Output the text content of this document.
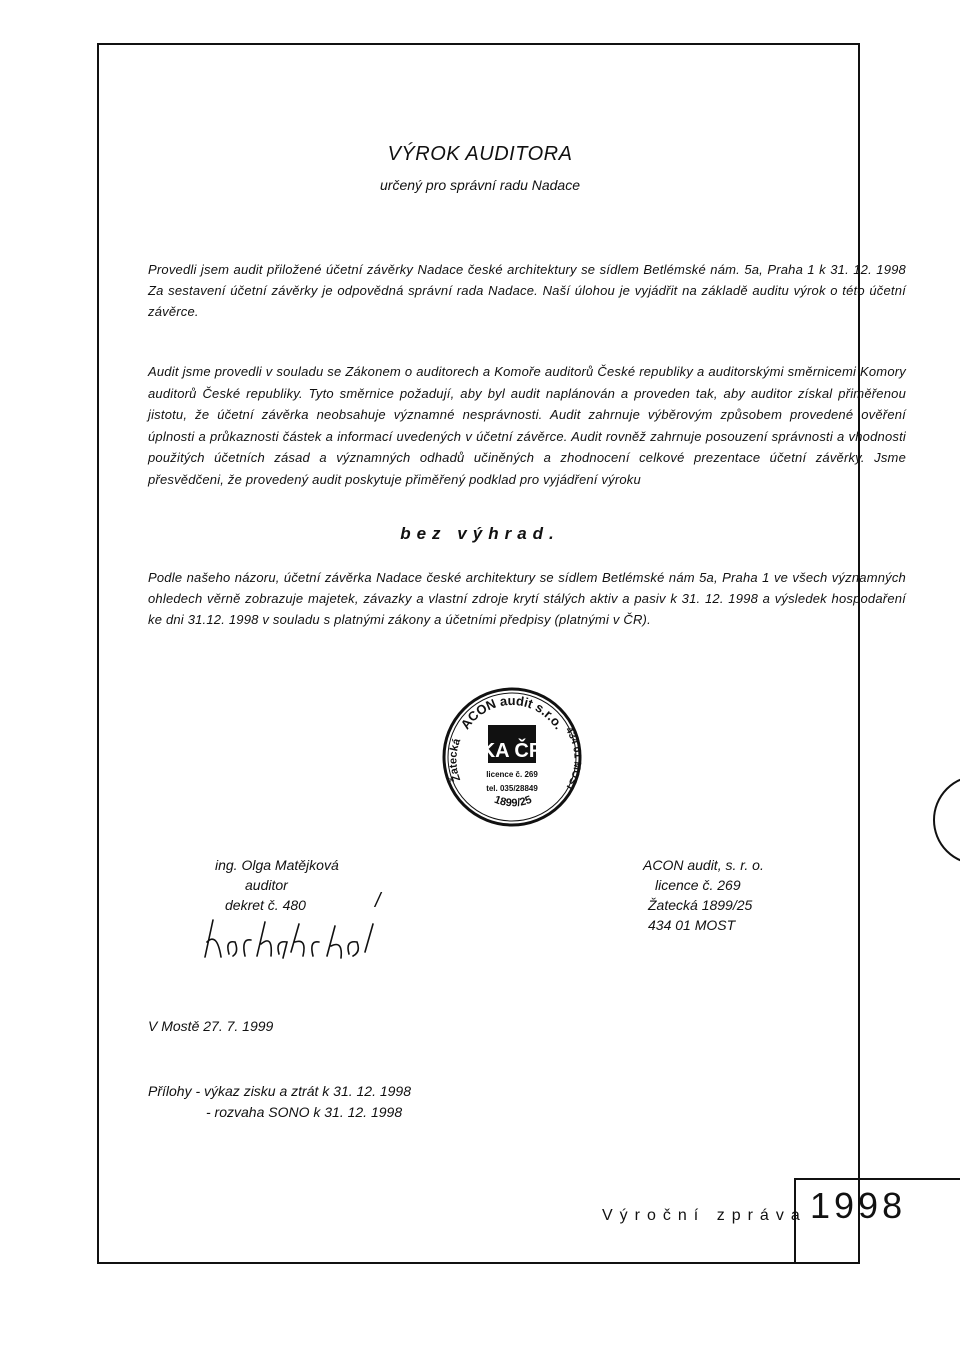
VÝROK AUDITORA
určený pro správní radu Nadace
Provedli jsem audit přiložené účetní závěrky Nadace české architektury se sídlem Betlémské nám. 5a, Praha 1 k 31. 12. 1998 Za sestavení účetní závěrky je odpovědná správní rada Nadace. Naší úlohou je vyjádřit na základě auditu výrok o této účetní závěrce.
Audit jsme provedli v souladu se Zákonem o auditorech a Komoře auditorů České republiky a auditorskými směrnicemi Komory auditorů České republiky. Tyto směrnice požadují, aby byl audit naplánován a proveden tak, aby auditor získal přiměřenou jistotu, že účetní závěrka neobsahuje významné nesprávnosti. Audit zahrnuje výběrovým způsobem provedené ověření úplnosti a průkaznosti částek a informací uvedených v účetní závěrce. Audit rovněž zahrnuje posouzení správnosti a vhodnosti použitých účetních zásad a významných odhadů učiněných a zhodnocení celkové prezentace účetní závěrky. Jsme přesvědčeni, že provedený audit poskytuje přiměřený podklad pro vyjádření výroku
bez výhrad.
Podle našeho názoru, účetní závěrka Nadace české architektury se sídlem Betlémské nám 5a, Praha 1 ve všech významných ohledech věrně zobrazuje majetek, závazky a vlastní zdroje krytí stálých aktiv a pasiv k 31. 12. 1998 a výsledek hospodaření ke dni 31.12. 1998 v souladu s platnými zákony a účetními předpisy (platnými v ČR).
ACON audit s.r.o.
Žatecká
434 01 MOST
1899/25
KA ČR
licence č. 269
tel. 035/28849
ing. Olga Matějková
auditor
dekret č. 480	/
ACON audit, s. r. o.
licence č. 269
Žatecká 1899/25
434 01 MOST
V Mostě 27. 7. 1999
Přílohy - výkaz zisku a ztrát k 31. 12. 1998
- rozvaha SONO k 31. 12. 1998
Výroční zpráva 1998
